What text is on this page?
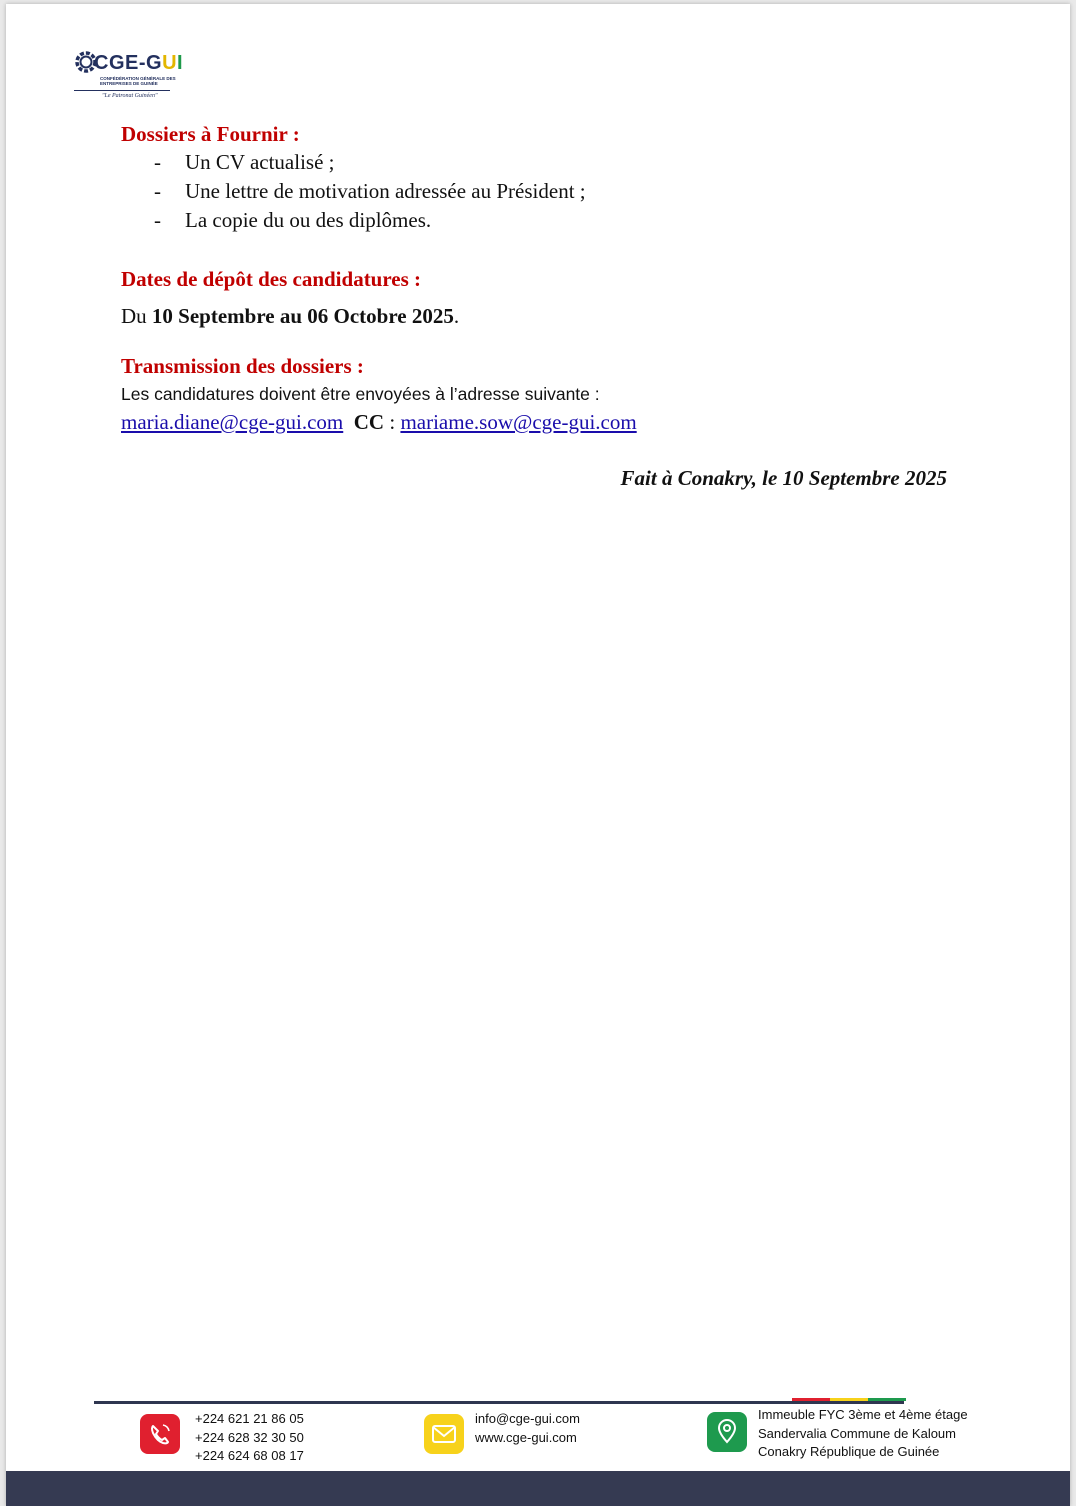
CGE-GUI
CONFÉDÉRATION GÉNÉRALE DES ENTREPRISES DE GUINÉE
"Le Patronat Guinéen"
Dossiers à Fournir :
- Un CV actualisé ;
- Une lettre de motivation adressée au Président ;
- La copie du ou des diplômes.
Dates de dépôt des candidatures :
Du 10 Septembre au 06 Octobre 2025.
Transmission des dossiers :
Les candidatures doivent être envoyées à l’adresse suivante :
maria.diane@cge-gui.com CC : mariame.sow@cge-gui.com
Fait à Conakry, le 10 Septembre 2025
+224 621 21 86 05
+224 628 32 30 50
+224 624 68 08 17
info@cge-gui.com
www.cge-gui.com
Immeuble FYC 3ème et 4ème étage
Sandervalia Commune de Kaloum
Conakry République de Guinée
